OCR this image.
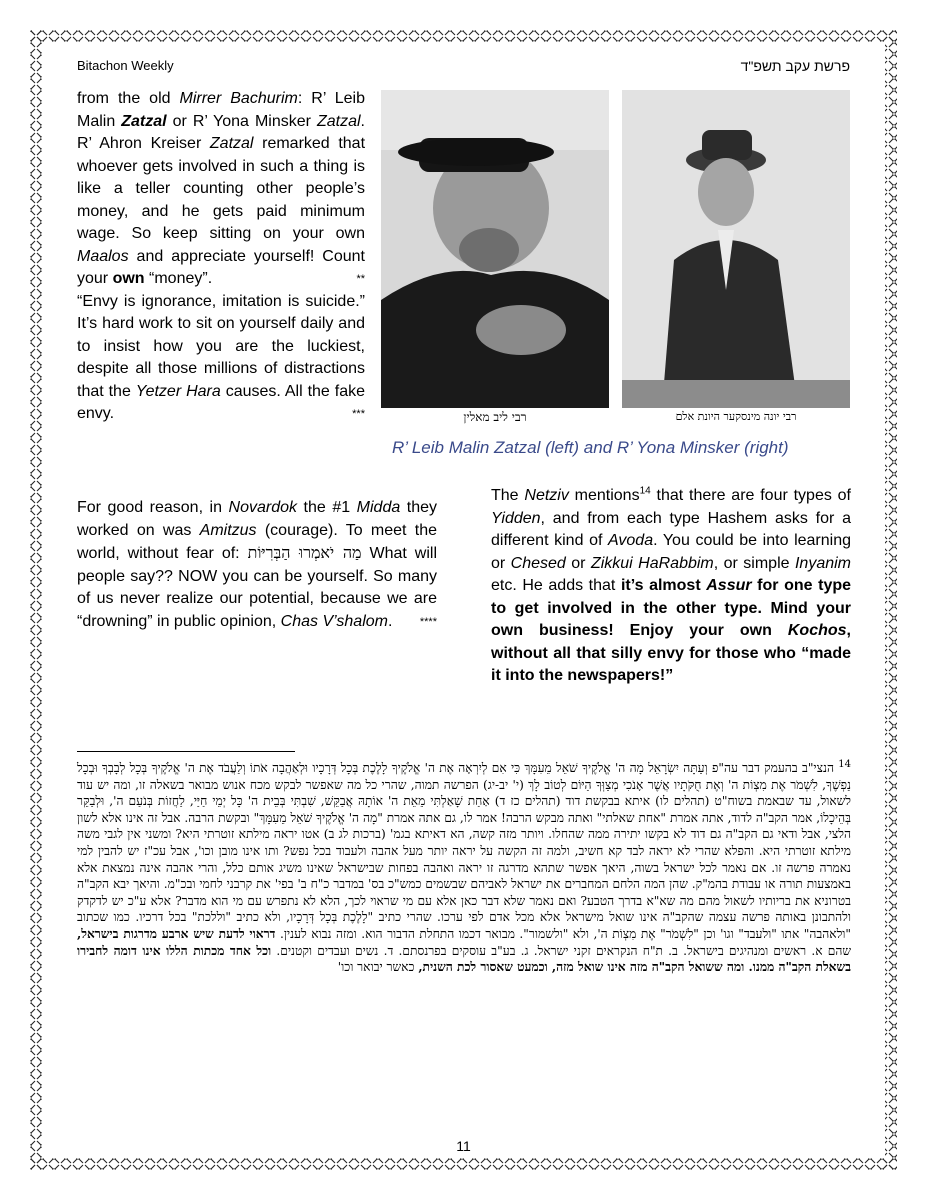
Bitachon Weekly	פרשת עקב תשפ"ד

from the old Mirrer Bachurim: R’ Leib Malin Zatzal or R’ Yona Minsker Zatzal. R’ Ahron Kreiser Zatzal remarked that whoever gets involved in such a thing is like a teller counting other people’s money, and he gets paid minimum wage. So keep sitting on your own Maalos and appreciate yourself! Count your own “money”.	**

“Envy is ignorance, imitation is suicide.” It’s hard work to sit on yourself daily and to insist how you are the luckiest, despite all those millions of distractions that the Yetzer Hara causes. All the fake envy.	***

For good reason, in Novardok the #1 Midda they worked on was Amitzus (courage). To meet the world, without fear of: מַה יֹאמְרוּ הַבְּרִיּוֹת What will people say?? NOW you can be yourself. So many of us never realize our potential, because we are “drowning” in public opinion, Chas V’shalom. ****

רבי ליב מאלין	רבי יונה מינסקער היונת אלם
R’ Leib Malin Zatzal (left) and R’ Yona Minsker (right)

The Netziv mentions$^{14}$ that there are four types of Yidden, and from each type Hashem asks for a different kind of Avoda. You could be into learning or Chesed or Zikkui HaRabbim, or simple Inyanim etc. He adds that it’s almost Assur for one type to get involved in the other type. Mind your own business! Enjoy your own Kochos, without all that silly envy for those who “made it into the newspapers!”

$^{14}$ הנצי"ב בהעמק דבר עה"פ וְעַתָּה יִשְׂרָאֵל מָה ה' אֱלֹקֶיךָ שֹׁאֵל מֵעִמָּךְ כִּי אִם לְיִרְאָה אֶת ה' אֱלֹקֶיךָ לָלֶכֶת בְּכָל דְּרָכָיו וּלְאַהֲבָה אֹתוֹ וְלַעֲבֹד אֶת ה' אֱלֹקֶיךָ בְּכָל לְבָבְךָ וּבְכָל נַפְשֶׁךָ, לִשְׁמֹר אֶת מִצְוֹת ה' וְאֶת חֻקֹּתָיו אֲשֶׁר אָנֹכִי מְצַוְּךָ הַיּוֹם לְטוֹב לָךְ (י' יב-יג) הפרשה תמוה, שהרי כל מה שאפשר לבקש מכח אנוש מבואר בשאלה זו, ומה יש עוד לשאול, עד שבאמת בשוח"ט (תהלים לו) איתא בבקשת דוד (תהלים כז ד) אַחַת שָׁאַלְתִּי מֵאֵת ה' אוֹתָהּ אֲבַקֵּשׁ, שִׁבְתִּי בְּבֵית ה' כָּל יְמֵי חַיַּי, לַחֲזוֹת בְּנֹעַם ה', וּלְבַקֵּר בְּהֵיכָלוֹ, אמר הקב"ה לדוד, אתה אמרת "אחת שאלתי" ואתה מבקש הרבה! אמר לו, גם אתה אמרת "מָה ה' אֱלֹקֶיךָ שֹׁאֵל מֵעִמָּךְ" ובקשת הרבה. אבל זה אינו אלא לשון הלצי, אבל ודאי גם הקב"ה גם דוד לא בקשו יתירה ממה שהחלו. ויותר מזה קשה, הא דאיתא בגמ' (ברכות לג ב) אטו יראה מילתא זוטרתי היא? ומשני אין לגבי משה מילתא זוטרתי היא. והפלא שהרי לא יראה לבד קא חשיב, ולמה זה הקשה על יראה יותר מעל אהבה ולעבוד בכל נפש? ותו אינו מובן וכו', אבל עכ"ז יש להבין למי נאמרה פרשה זו. אם נאמר לכל ישראל בשוה, היאך אפשר שתהא מדרגה זו יראה ואהבה בפחות שבישראל שאינו משיג אותם כלל, והרי אהבה אינה נמצאת אלא באמצעות תורה או עבודת בהמ"ק. שהן המה הלחם המחברים את ישראל לאביהם שבשמים כמש"כ בס' במדבר כ"ח ב' בפי' את קרבני לחמי ובכ"מ. והיאך יבא הקב"ה בטרוניא את בריותיו לשאול מהם מה שא"א בדרך הטבע? ואם נאמר שלא דבר כאן אלא עם מי שראוי לכך, הלא לא נתפרש עם מי הוא מדבר? אלא ע"כ יש לדקדק ולהתבונן באותה פרשה עצמה שהקב"ה אינו שואל מישראל אלא מכל אדם לפי ערכו. שהרי כתיב "לָלֶכֶת בְּכָל דְּרָכָיו, ולא כתיב "וללכת" בכל דרכיו. כמו שכתוב "ולאהבה" אתו "ולעבד" וגו' וכן "לִשְׁמֹר" אֶת מִצְוֹת ה', ולא "ולשמור". מבואר דכמו התחלת הדבור הוא. ומזה נבוא לענין. דראוי לדעת שיש ארבע מדרגות בישראל, שהם א. ראשים ומנהיגים בישראל. ב. ת"ח הנקראים זקני ישראל. ג. בע"ב עוסקים בפרנסתם. ד. נשים ועבדים וקטנים. וכל אחד מכתות הללו אינו דומה לחבירו בשאלת הקב"ה ממנו. ומה ששואל הקב"ה מזה אינו שואל מזה, וכמעט שאסור לכת השנית, כאשר יבואר וכו'
11
